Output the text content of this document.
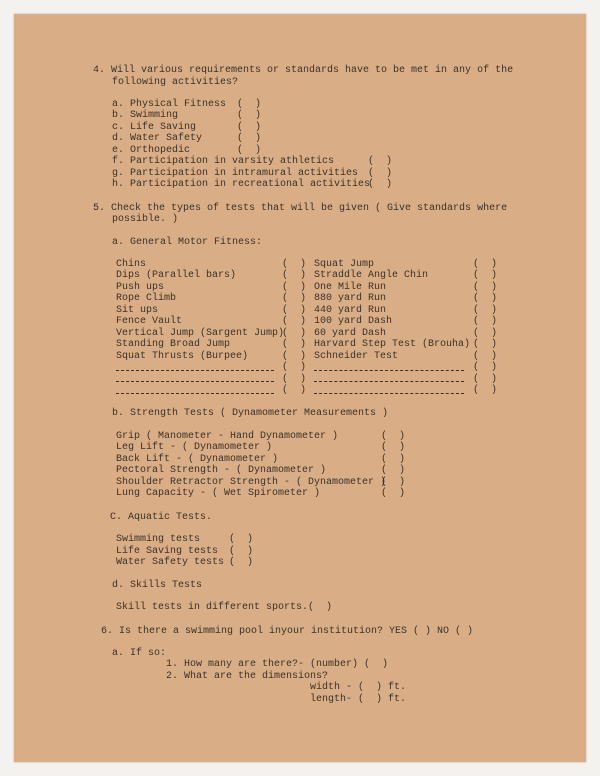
4. Will various requirements or standards have to be met in any of the
following activities?
a. Physical Fitness
b. Swimming
c. Life Saving
d. Water Safety
e. Orthopedic
f. Participation in varsity athletics
g. Participation in intramural activities
h. Participation in recreational activities
(  )
(  )
(  )
(  )
(  )
(  )
(  )
(  )
5. Check the types of tests that will be given ( Give standards where
possible. )
a. General Motor Fitness:
Chins
Dips (Parallel bars)
Push ups
Rope Climb
Sit ups
Fence Vault
Vertical Jump (Sargent Jump)
Standing Broad Jump
Squat Thrusts (Burpee)
(  )
(  )
(  )
(  )
(  )
(  )
(  )
(  )
(  )
(  )
(  )
(  )
Squat Jump
Straddle Angle Chin
One Mile Run
880 yard Run
440 yard Run
100 yard Dash
60 yard Dash
Harvard Step Test (Brouha)
Schneider Test
(  )
(  )
(  )
(  )
(  )
(  )
(  )
(  )
(  )
(  )
(  )
(  )
b. Strength Tests ( Dynamometer Measurements )
Grip ( Manometer - Hand Dynamometer )
Leg Lift - ( Dynamometer )
Back Lift - ( Dynamometer )
Pectoral Strength - ( Dynamometer )
Shoulder Retractor Strength - ( Dynamometer )
Lung Capacity - ( Wet Spirometer )
(  )
(  )
(  )
(  )
(  )
(  )
C. Aquatic Tests.
Swimming tests
Life Saving tests
Water Safety tests
(  )
(  )
(  )
d. Skills Tests
Skill tests in different sports. (  )
6. Is there a swimming pool inyour institution? YES ( ) NO ( )
a. If so:
1. How many are there?- (number) (  )
2. What are the dimensions?
width - (  ) ft.
length- (  ) ft.
